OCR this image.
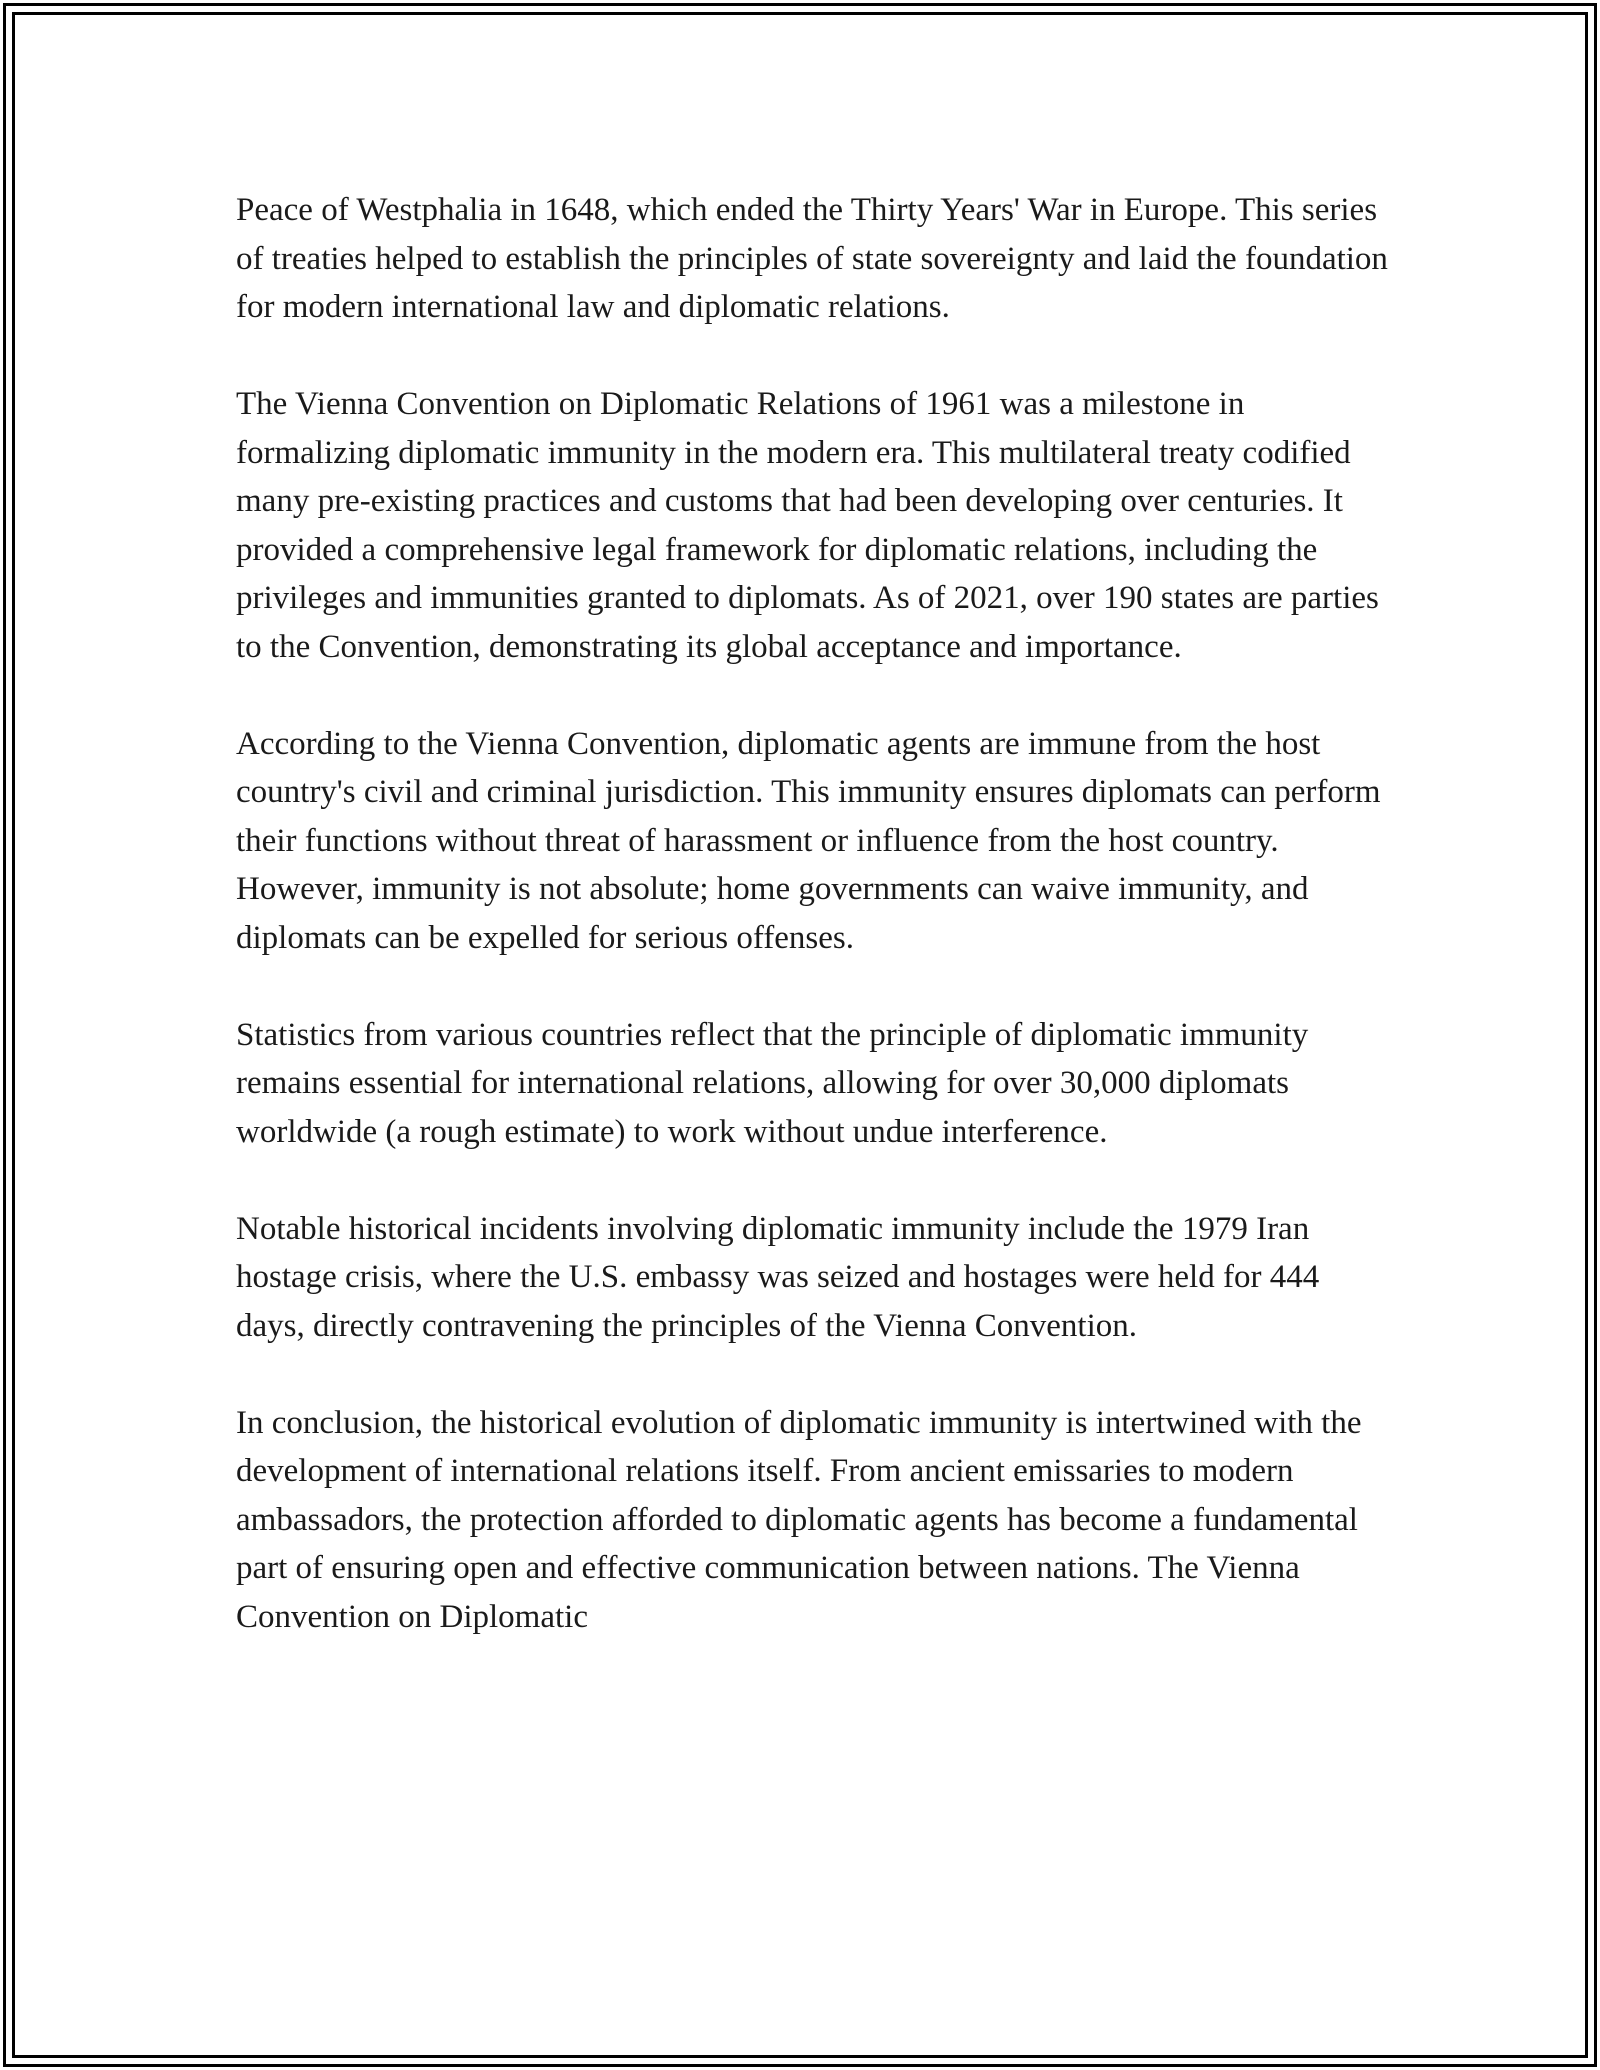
Peace of Westphalia in 1648, which ended the Thirty Years' War in Europe. This series of treaties helped to establish the principles of state sovereignty and laid the foundation for modern international law and diplomatic relations.

The Vienna Convention on Diplomatic Relations of 1961 was a milestone in formalizing diplomatic immunity in the modern era. This multilateral treaty codified many pre-existing practices and customs that had been developing over centuries. It provided a comprehensive legal framework for diplomatic relations, including the privileges and immunities granted to diplomats. As of 2021, over 190 states are parties to the Convention, demonstrating its global acceptance and importance.

According to the Vienna Convention, diplomatic agents are immune from the host country's civil and criminal jurisdiction. This immunity ensures diplomats can perform their functions without threat of harassment or influence from the host country. However, immunity is not absolute; home governments can waive immunity, and diplomats can be expelled for serious offenses.

Statistics from various countries reflect that the principle of diplomatic immunity remains essential for international relations, allowing for over 30,000 diplomats worldwide (a rough estimate) to work without undue interference.

Notable historical incidents involving diplomatic immunity include the 1979 Iran hostage crisis, where the U.S. embassy was seized and hostages were held for 444 days, directly contravening the principles of the Vienna Convention.

In conclusion, the historical evolution of diplomatic immunity is intertwined with the development of international relations itself. From ancient emissaries to modern ambassadors, the protection afforded to diplomatic agents has become a fundamental part of ensuring open and effective communication between nations. The Vienna Convention on Diplomatic
